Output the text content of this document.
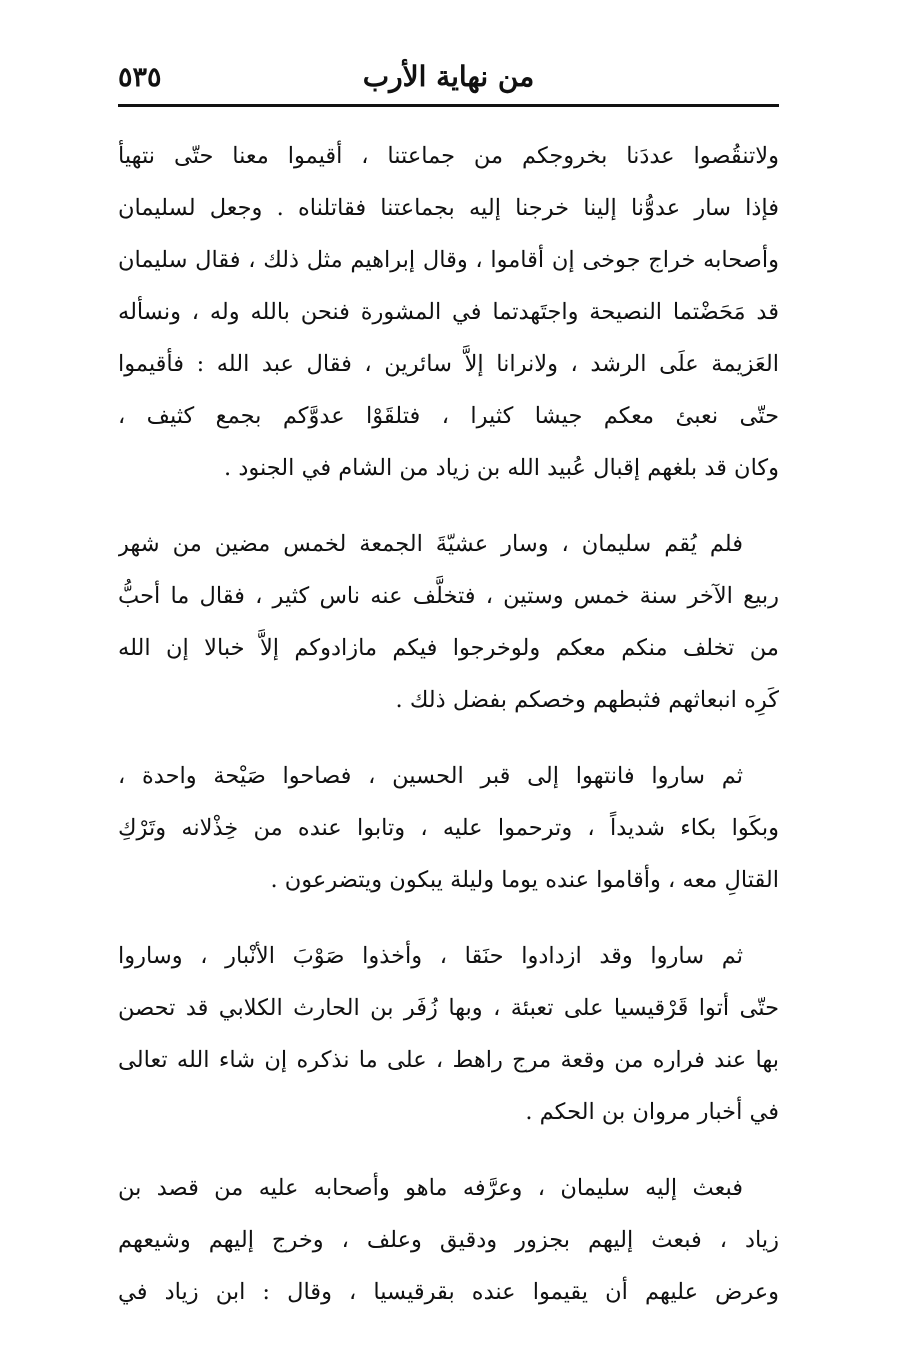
٥٣٥	من نهاية الأرب
ولاتنقُصوا عددَنا بخروجكم من جماعتنا ، أقيموا معنا حتّى نتهيأ
فإذا سار عدوُّنا إلينا خرجنا إليه بجماعتنا فقاتلناه . وجعل لسليمان
وأصحابه خراج جوخى إن أقاموا ، وقال إبراهيم مثل ذلك ، فقال سليمان
قد مَحَضْتما النصيحة واجتَهدتما في المشورة فنحن بالله وله ، ونسأله
العَزيمة علَى الرشد ، ولانرانا إلاَّ سائرين ، فقال عبد الله : فأقيموا
حتّى نعبئ معكم جيشا كثيرا ، فتلقَوْا عدوَّكم بجمع كثيف ،
وكان قد بلغهم إقبال عُبيد الله بن زياد من الشام في الجنود .
فلم يُقم سليمان ، وسار عشيّةَ الجمعة لخمس مضين من شهر
ربيع الآخر سنة خمس وستين ، فتخلَّف عنه ناس كثير ، فقال ما أحبُّ
من تخلف منكم معكم ولوخرجوا فيكم مازادوكم إلاَّ خبالا إن الله
كَرِه انبعاثهم فثبطهم وخصكم بفضل ذلك .
ثم ساروا فانتهوا إلى قبر الحسين ، فصاحوا صَيْحة واحدة ،
وبكَوا بكاء شديداً ، وترحموا عليه ، وتابوا عنده من خِذْلانه وتَرْكِ
القتالِ معه ، وأقاموا عنده يوما وليلة يبكون ويتضرعون .
ثم ساروا وقد ازدادوا حنَقا ، وأخذوا صَوْبَ الأنْبار ، وساروا
حتّى أتوا قَرْقيسيا على تعبئة ، وبها زُفَر بن الحارث الكلابي قد تحصن
بها عند فراره من وقعة مرج راهط ، على ما نذكره إن شاء الله تعالى
في أخبار مروان بن الحكم .
فبعث إليه سليمان ، وعرَّفه ماهو وأصحابه عليه من قصد بن
زياد ، فبعث إليهم بجزور ودقيق وعلف ، وخرج إليهم وشيعهم
وعرض عليهم أن يقيموا عنده بقرقيسيا ، وقال : ابن زياد في
